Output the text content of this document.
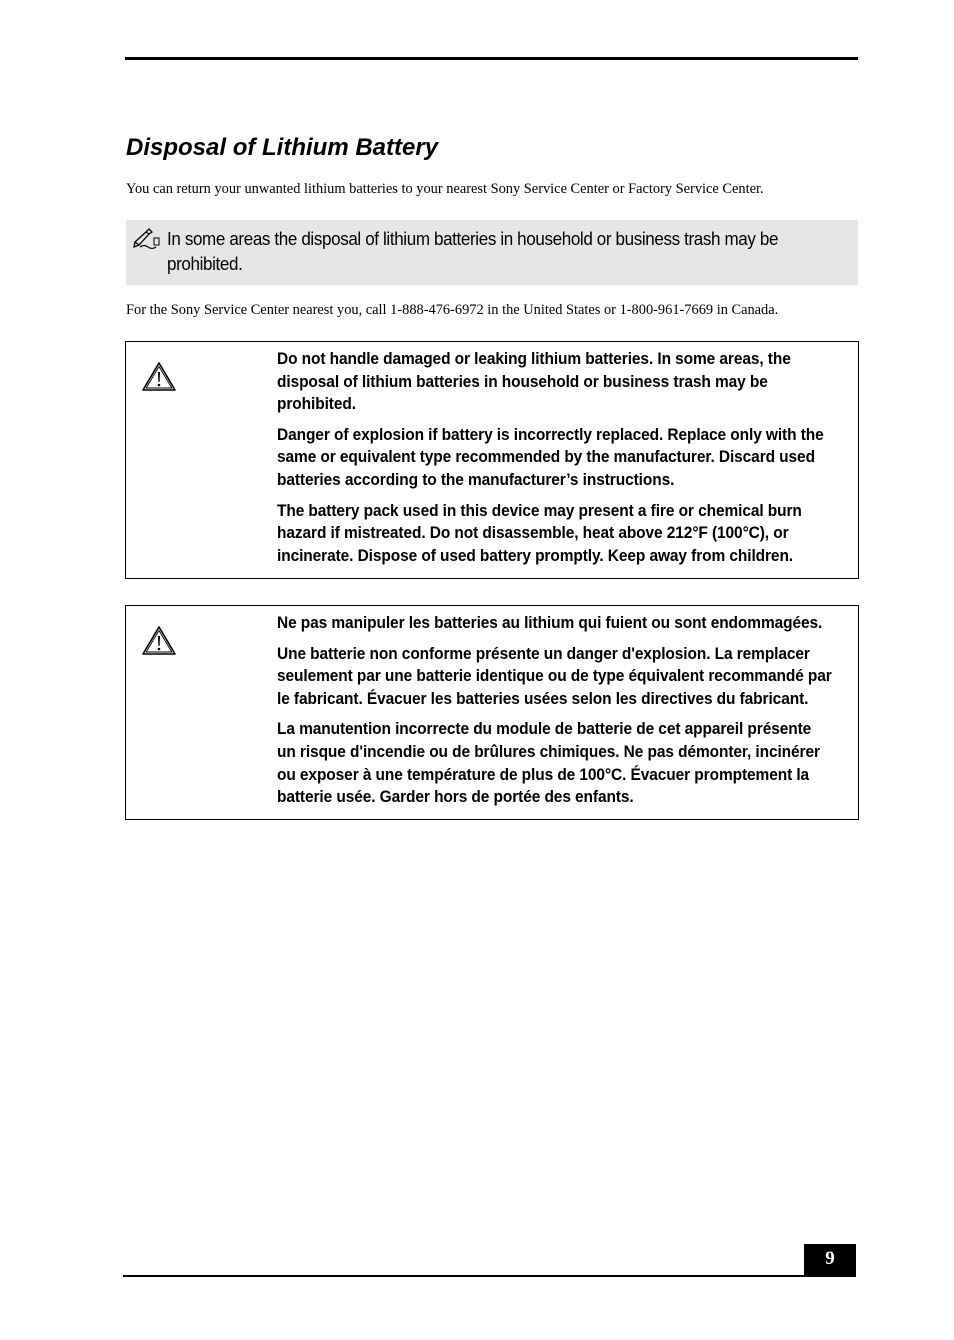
Disposal of Lithium Battery

You can return your unwanted lithium batteries to your nearest Sony Service Center or Factory Service Center.

In some areas the disposal of lithium batteries in household or business trash may be prohibited.

For the Sony Service Center nearest you, call 1-888-476-6972 in the United States or 1-800-961-7669 in Canada.

Do not handle damaged or leaking lithium batteries. In some areas, the disposal of lithium batteries in household or business trash may be prohibited.

Danger of explosion if battery is incorrectly replaced. Replace only with the same or equivalent type recommended by the manufacturer. Discard used batteries according to the manufacturer’s instructions.

The battery pack used in this device may present a fire or chemical burn hazard if mistreated. Do not disassemble, heat above 212°F (100°C), or incinerate. Dispose of used battery promptly. Keep away from children.

Ne pas manipuler les batteries au lithium qui fuient ou sont endommagées.

Une batterie non conforme présente un danger d'explosion. La remplacer seulement par une batterie identique ou de type équivalent recommandé par le fabricant. Évacuer les batteries usées selon les directives du fabricant.

La manutention incorrecte du module de batterie de cet appareil présente un risque d'incendie ou de brûlures chimiques. Ne pas démonter, incinérer ou exposer à une température de plus de 100°C. Évacuer promptement la batterie usée. Garder hors de portée des enfants.

9
